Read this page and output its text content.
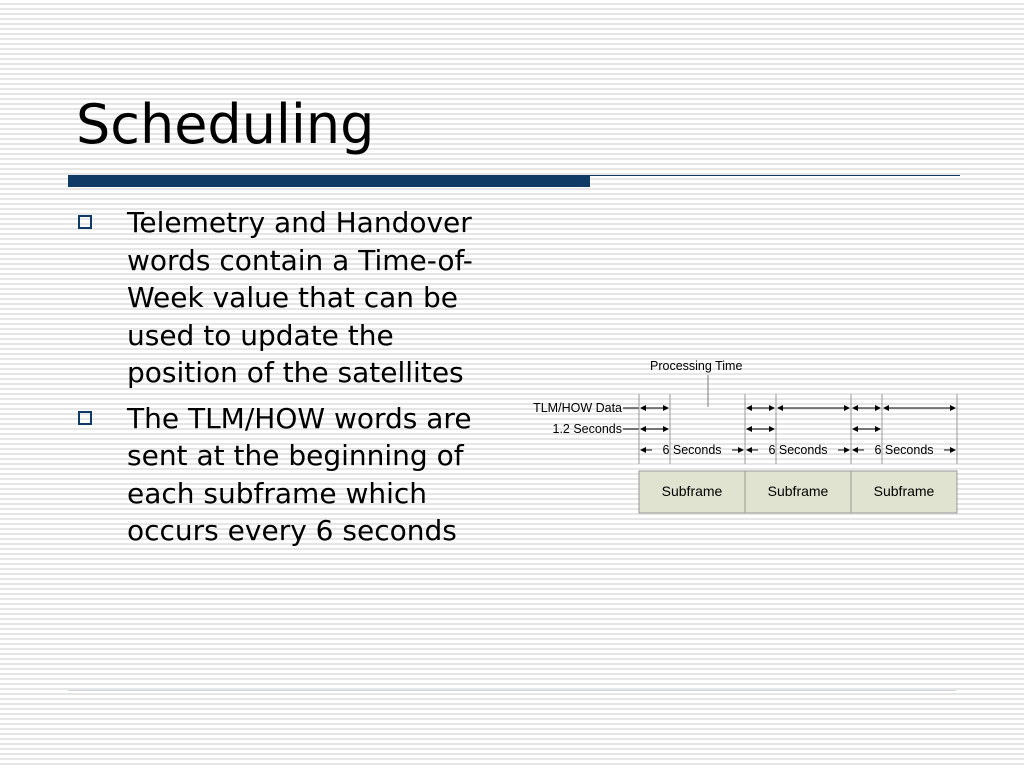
Scheduling
Telemetry and Handover words contain a Time-of-Week value that can be used to update the position of the satellites
The TLM/HOW words are sent at the beginning of each subframe which occurs every 6 seconds
Processing Time
TLM/HOW Data
1.2 Seconds
6 Seconds	6 Seconds	6 Seconds
Subframe	Subframe	Subframe
